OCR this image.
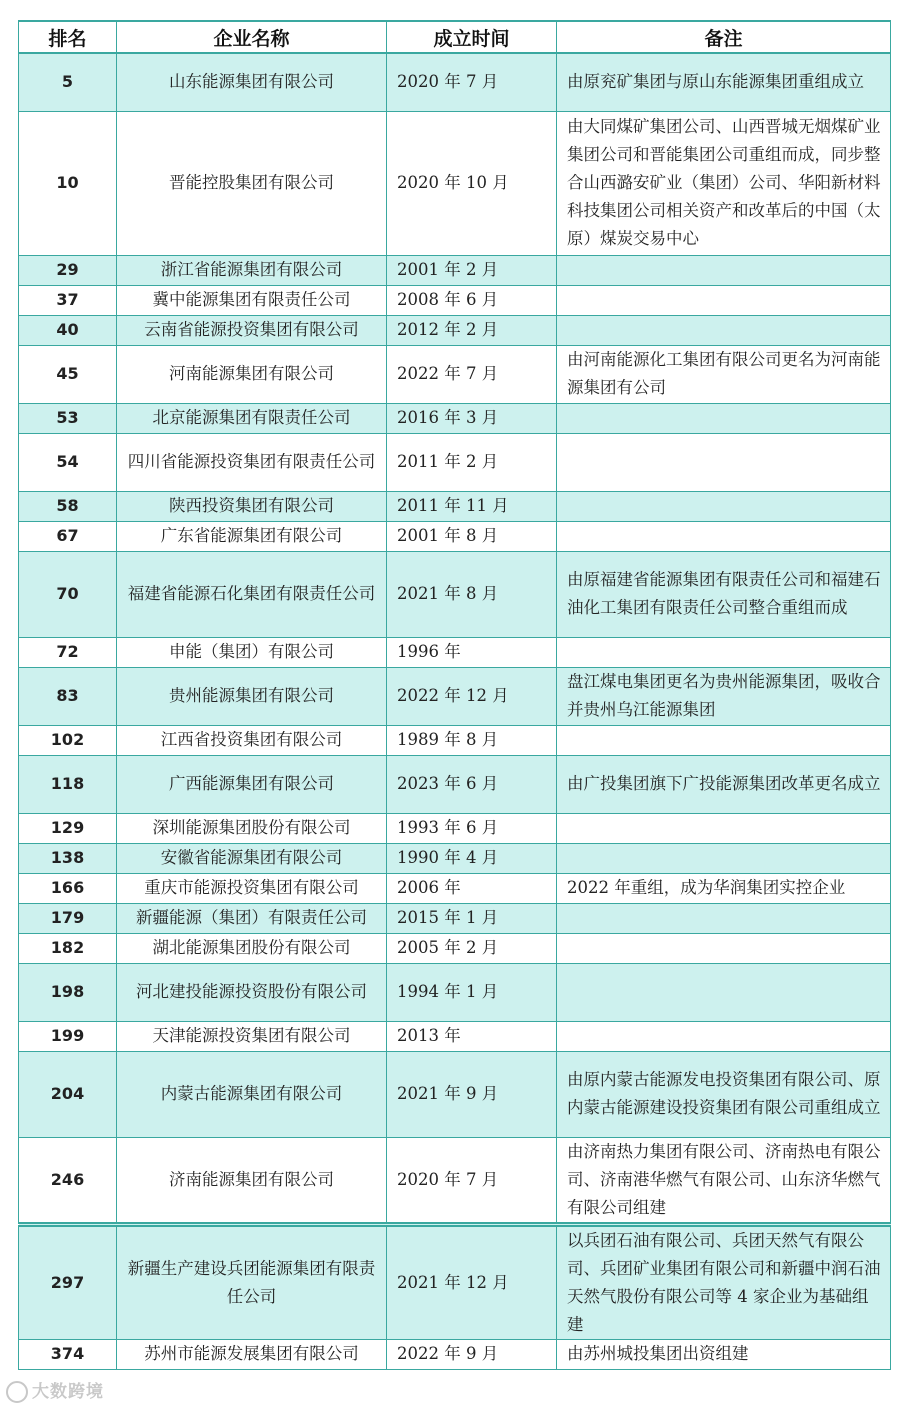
排名	企业名称	成立时间	备注
5	山东能源集团有限公司	2020 年 7 月	由原兖矿集团与原山东能源集团重组成立
10	晋能控股集团有限公司	2020 年 10 月	由大同煤矿集团公司、山西晋城无烟煤矿业集团公司和晋能集团公司重组而成，同步整合山西潞安矿业（集团）公司、华阳新材料科技集团公司相关资产和改革后的中国（太原）煤炭交易中心
29	浙江省能源集团有限公司	2001 年 2 月	
37	冀中能源集团有限责任公司	2008 年 6 月	
40	云南省能源投资集团有限公司	2012 年 2 月	
45	河南能源集团有限公司	2022 年 7 月	由河南能源化工集团有限公司更名为河南能源集团有公司
53	北京能源集团有限责任公司	2016 年 3 月	
54	四川省能源投资集团有限责任公司	2011 年 2 月	
58	陕西投资集团有限公司	2011 年 11 月	
67	广东省能源集团有限公司	2001 年 8 月	
70	福建省能源石化集团有限责任公司	2021 年 8 月	由原福建省能源集团有限责任公司和福建石油化工集团有限责任公司整合重组而成
72	申能（集团）有限公司	1996 年	
83	贵州能源集团有限公司	2022 年 12 月	盘江煤电集团更名为贵州能源集团，吸收合并贵州乌江能源集团
102	江西省投资集团有限公司	1989 年 8 月	
118	广西能源集团有限公司	2023 年 6 月	由广投集团旗下广投能源集团改革更名成立
129	深圳能源集团股份有限公司	1993 年 6 月	
138	安徽省能源集团有限公司	1990 年 4 月	
166	重庆市能源投资集团有限公司	2006 年	2022 年重组，成为华润集团实控企业
179	新疆能源（集团）有限责任公司	2015 年 1 月	
182	湖北能源集团股份有限公司	2005 年 2 月	
198	河北建投能源投资股份有限公司	1994 年 1 月	
199	天津能源投资集团有限公司	2013 年	
204	内蒙古能源集团有限公司	2021 年 9 月	由原内蒙古能源发电投资集团有限公司、原内蒙古能源建设投资集团有限公司重组成立
246	济南能源集团有限公司	2020 年 7 月	由济南热力集团有限公司、济南热电有限公司、济南港华燃气有限公司、山东济华燃气有限公司组建
297	新疆生产建设兵团能源集团有限责任公司	2021 年 12 月	以兵团石油有限公司、兵团天然气有限公司、兵团矿业集团有限公司和新疆中润石油天然气股份有限公司等 4 家企业为基础组建
374	苏州市能源发展集团有限公司	2022 年 9 月	由苏州城投集团出资组建
大数跨境
